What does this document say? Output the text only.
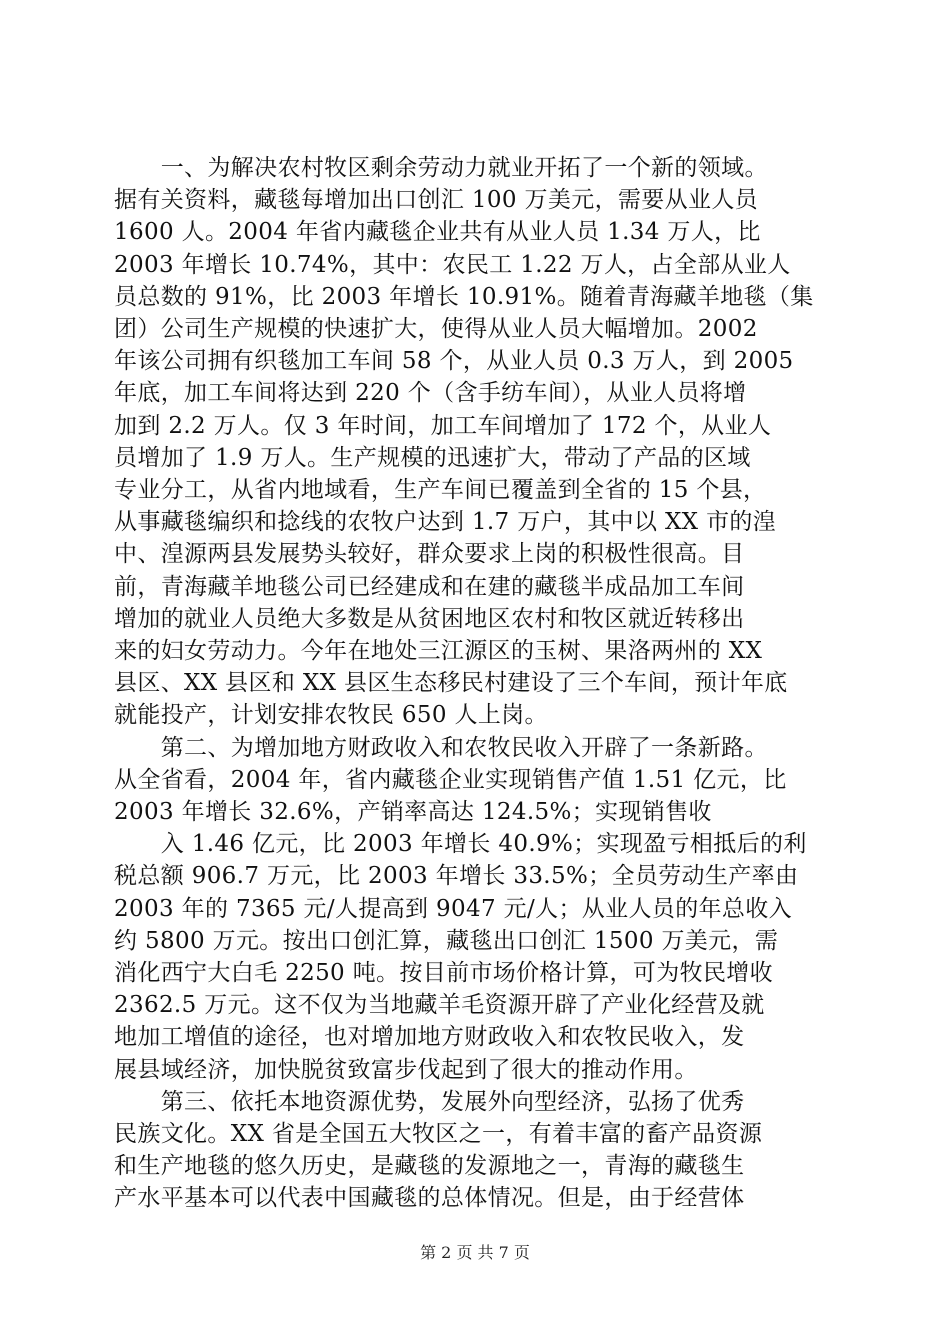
　　一、为解决农村牧区剩余劳动力就业开拓了一个新的领域。
据有关资料，藏毯每增加出口创汇 100 万美元，需要从业人员
1600 人。2004 年省内藏毯企业共有从业人员 1.34 万人，比
2003 年增长 10.74%，其中：农民工 1.22 万人，占全部从业人
员总数的 91%，比 2003 年增长 10.91%。随着青海藏羊地毯（集
团）公司生产规模的快速扩大，使得从业人员大幅增加。2002
年该公司拥有织毯加工车间 58 个，从业人员 0.3 万人，到 2005
年底，加工车间将达到 220 个（含手纺车间），从业人员将增
加到 2.2 万人。仅 3 年时间，加工车间增加了 172 个，从业人
员增加了 1.9 万人。生产规模的迅速扩大，带动了产品的区域
专业分工，从省内地域看，生产车间已覆盖到全省的 15 个县，
从事藏毯编织和捻线的农牧户达到 1.7 万户，其中以 XX 市的湟
中、湟源两县发展势头较好，群众要求上岗的积极性很高。目
前，青海藏羊地毯公司已经建成和在建的藏毯半成品加工车间
增加的就业人员绝大多数是从贫困地区农村和牧区就近转移出
来的妇女劳动力。今年在地处三江源区的玉树、果洛两州的 XX
县区、XX 县区和 XX 县区生态移民村建设了三个车间，预计年底
就能投产，计划安排农牧民 650 人上岗。
　　第二、为增加地方财政收入和农牧民收入开辟了一条新路。
从全省看，2004 年，省内藏毯企业实现销售产值 1.51 亿元，比
2003 年增长 32.6%，产销率高达 124.5%；实现销售收
　　入 1.46 亿元，比 2003 年增长 40.9%；实现盈亏相抵后的利
税总额 906.7 万元，比 2003 年增长 33.5%；全员劳动生产率由
2003 年的 7365 元/人提高到 9047 元/人；从业人员的年总收入
约 5800 万元。按出口创汇算，藏毯出口创汇 1500 万美元，需
消化西宁大白毛 2250 吨。按目前市场价格计算，可为牧民增收
2362.5 万元。这不仅为当地藏羊毛资源开辟了产业化经营及就
地加工增值的途径，也对增加地方财政收入和农牧民收入，发
展县域经济，加快脱贫致富步伐起到了很大的推动作用。
　　第三、依托本地资源优势，发展外向型经济，弘扬了优秀
民族文化。XX 省是全国五大牧区之一，有着丰富的畜产品资源
和生产地毯的悠久历史，是藏毯的发源地之一，青海的藏毯生
产水平基本可以代表中国藏毯的总体情况。但是，由于经营体
第 2 页 共 7 页
